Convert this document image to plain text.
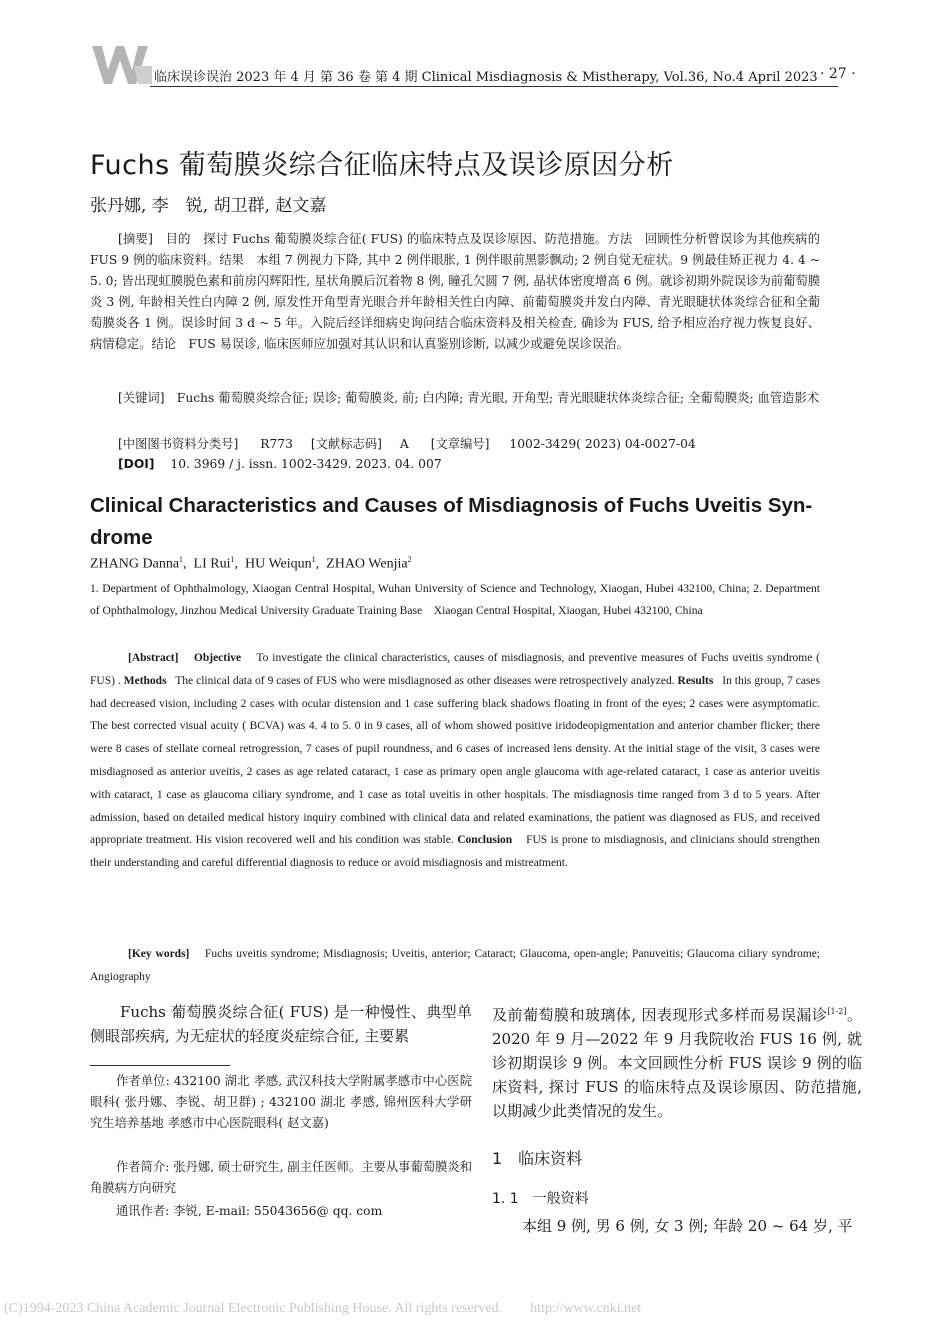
临床误诊误治 2023 年 4 月 第 36 卷 第 4 期 Clinical Misdiagnosis & Mistherapy, Vol.36, No.4 April 2023 · 27 ·
Fuchs 葡萄膜炎综合征临床特点及误诊原因分析
张丹娜, 李　锐, 胡卫群, 赵文嘉
[摘要]　目的　探讨 Fuchs 葡萄膜炎综合征( FUS) 的临床特点及误诊原因、防范措施。方法　回顾性分析曾误诊为其他疾病的 FUS 9 例的临床资料。结果　本组 7 例视力下降, 其中 2 例伴眼胀, 1 例伴眼前黑影飘动; 2 例自觉无症状。9 例最佳矫正视力 4. 4 ~ 5. 0; 皆出现虹膜脱色素和前房闪辉阳性, 星状角膜后沉着物 8 例, 瞳孔欠圆 7 例, 晶状体密度增高 6 例。就诊初期外院误诊为前葡萄膜炎 3 例, 年龄相关性白内障 2 例, 原发性开角型青光眼合并年龄相关性白内障、前葡萄膜炎并发白内障、青光眼睫状体炎综合征和全葡萄膜炎各 1 例。误诊时间 3 d ~ 5 年。入院后经详细病史询问结合临床资料及相关检查, 确诊为 FUS, 给予相应治疗视力恢复良好、病情稳定。结论　FUS 易误诊, 临床医师应加强对其认识和认真鉴别诊断, 以减少或避免误诊误治。
[关键词]　Fuchs 葡萄膜炎综合征; 误诊; 葡萄膜炎, 前; 白内障; 青光眼, 开角型; 青光眼睫状体炎综合征; 全葡萄膜炎; 血管造影术
[中图图书资料分类号] R773 [文献标志码] A [文章编号] 1002-3429( 2023) 04-0027-04
[DOI] 10. 3969 / j. issn. 1002-3429. 2023. 04. 007
Clinical Characteristics and Causes of Misdiagnosis of Fuchs Uveitis Syn-drome
ZHANG Danna$^1$,  LI Rui$^1$,  HU Weiqun$^1$,  ZHAO Wenjia$^2$
1. Department of Ophthalmology, Xiaogan Central Hospital, Wuhan University of Science and Technology, Xiaogan, Hubei 432100, China; 2. Department of Ophthalmology, Jinzhou Medical University Graduate Training Base　Xiaogan Central Hospital, Xiaogan, Hubei 432100, China
[Abstract] Objective To investigate the clinical characteristics, causes of misdiagnosis, and preventive measures of Fuchs uveitis syndrome ( FUS) . Methods The clinical data of 9 cases of FUS who were misdiagnosed as other diseases were retrospectively analyzed. Results In this group, 7 cases had decreased vision, including 2 cases with ocular distension and 1 case suffering black shadows floating in front of the eyes; 2 cases were asymptomatic. The best corrected visual acuity ( BCVA) was 4. 4 to 5. 0 in 9 cases, all of whom showed positive iridodeopigmentation and anterior chamber flicker; there were 8 cases of stellate corneal retrogression, 7 cases of pupil roundness, and 6 cases of increased lens density. At the initial stage of the visit, 3 cases were misdiagnosed as anterior uveitis, 2 cases as age related cataract, 1 case as primary open angle glaucoma with age-related cataract, 1 case as anterior uveitis with cataract, 1 case as glaucoma ciliary syndrome, and 1 case as total uveitis in other hospitals. The misdiagnosis time ranged from 3 d to 5 years. After admission, based on detailed medical history inquiry combined with clinical data and related examinations, the patient was diagnosed as FUS, and received appropriate treatment. His vision recovered well and his condition was stable. Conclusion FUS is prone to misdiagnosis, and clinicians should strengthen their understanding and careful differential diagnosis to reduce or avoid misdiagnosis and mistreatment.
[Key words] Fuchs uveitis syndrome; Misdiagnosis; Uveitis, anterior; Cataract; Glaucoma, open-angle; Panuveitis; Glaucoma ciliary syndrome; Angiography

Fuchs 葡萄膜炎综合征( FUS) 是一种慢性、典型单侧眼部疾病, 为无症状的轻度炎症综合征, 主要累

作者单位: 432100 湖北 孝感, 武汉科技大学附属孝感市中心医院眼科( 张丹娜、李锐、胡卫群) ; 432100 湖北 孝感, 锦州医科大学研究生培养基地 孝感市中心医院眼科( 赵文嘉)
作者简介: 张丹娜, 硕士研究生, 副主任医师。主要从事葡萄膜炎和角膜病方向研究
通讯作者: 李锐, E-mail: 55043656@ qq. com

及前葡萄膜和玻璃体, 因表现形式多样而易误漏诊[1-2]。2020 年 9 月—2022 年 9 月我院收治 FUS 16 例, 就诊初期误诊 9 例。本文回顾性分析 FUS 误诊 9 例的临床资料, 探讨 FUS 的临床特点及误诊原因、防范措施, 以期减少此类情况的发生。

1　临床资料
1. 1　一般资料
本组 9 例, 男 6 例, 女 3 例; 年龄 20 ~ 64 岁, 平
(C)1994-2023 China Academic Journal Electronic Publishing House. All rights reserved.　　http://www.cnki.net
